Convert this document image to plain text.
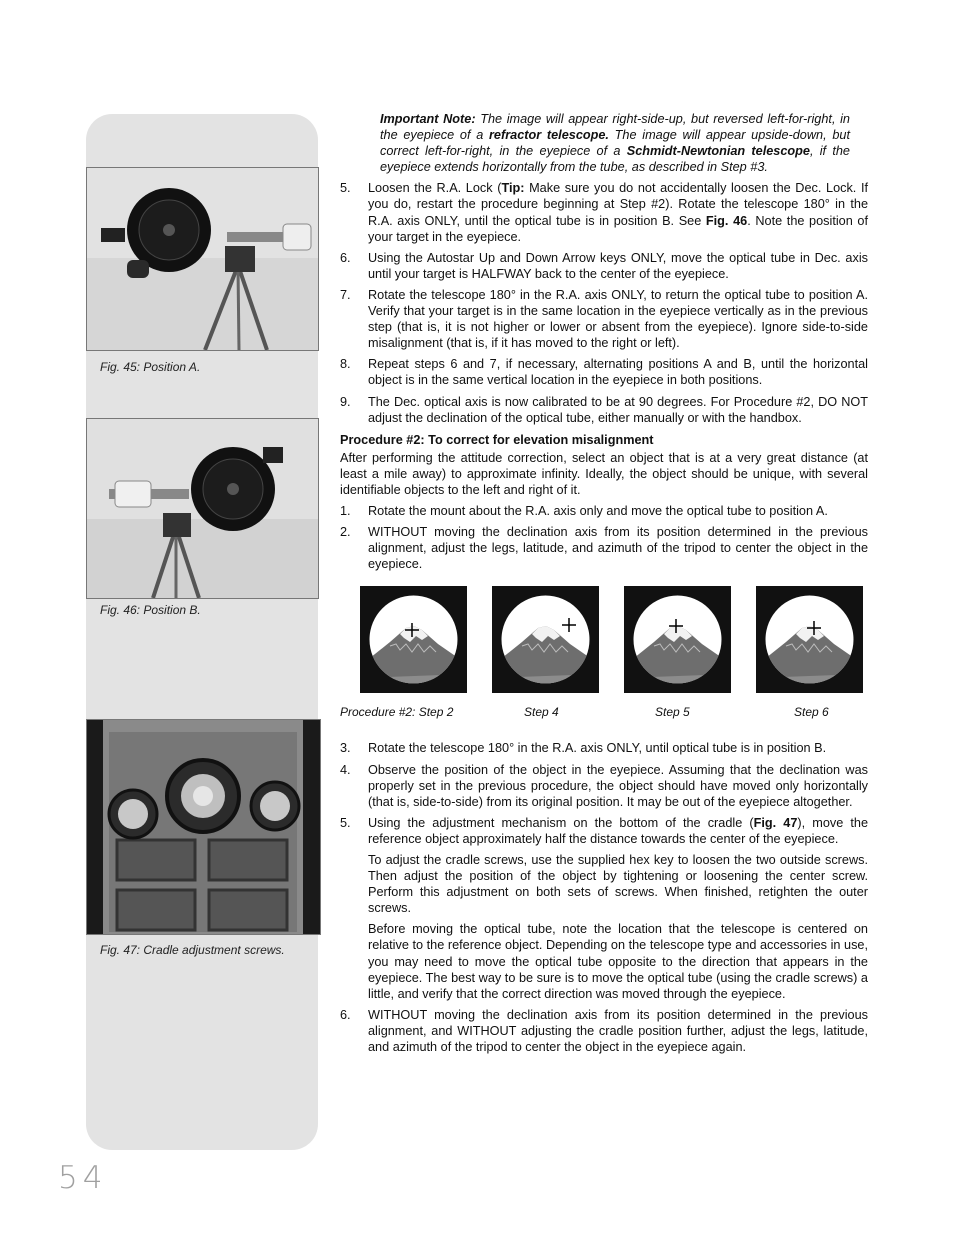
Fig. 45: Position A.
Fig. 46: Position B.
Fig. 47: Cradle adjustment screws.

Important Note: The image will appear right-side-up, but reversed left-for-right, in the eyepiece of a refractor telescope. The image will appear upside-down, but correct left-for-right, in the eyepiece of a Schmidt-Newtonian telescope, if the eyepiece extends horizontally from the tube, as described in Step #3.

5. Loosen the R.A. Lock (Tip: Make sure you do not accidentally loosen the Dec. Lock. If you do, restart the procedure beginning at Step #2). Rotate the telescope 180° in the R.A. axis ONLY, until the optical tube is in position B. See Fig. 46. Note the position of your target in the eyepiece.
6. Using the Autostar Up and Down Arrow keys ONLY, move the optical tube in Dec. axis until your target is HALFWAY back to the center of the eyepiece.
7. Rotate the telescope 180° in the R.A. axis ONLY, to return the optical tube to position A. Verify that your target is in the same location in the eyepiece vertically as in the previous step (that is, it is not higher or lower or absent from the eyepiece). Ignore side-to-side misalignment (that is, if it has moved to the right or left).
8. Repeat steps 6 and 7, if necessary, alternating positions A and B, until the horizontal object is in the same vertical location in the eyepiece in both positions.
9. The Dec. optical axis is now calibrated to be at 90 degrees. For Procedure #2, DO NOT adjust the declination of the optical tube, either manually or with the handbox.
Procedure #2: To correct for elevation misalignment

After performing the attitude correction, select an object that is at a very great distance (at least a mile away) to approximate infinity. Ideally, the object should be unique, with several identifiable objects to the left and right of it.

1. Rotate the mount about the R.A. axis only and move the optical tube to position A.
2. WITHOUT moving the declination axis from its position determined in the previous alignment, adjust the legs, latitude, and azimuth of the tripod to center the object in the eyepiece.
Procedure #2: Step 2	Step 4	Step 5	Step 6
3. Rotate the telescope 180° in the R.A. axis ONLY, until optical tube is in position B.
4. Observe the position of the object in the eyepiece. Assuming that the declination was properly set in the previous procedure, the object should have moved only horizontally (that is, side-to-side) from its original position. It may be out of the eyepiece altogether.
5. Using the adjustment mechanism on the bottom of the cradle (Fig. 47), move the reference object approximately half the distance towards the center of the eyepiece.

To adjust the cradle screws, use the supplied hex key to loosen the two outside screws. Then adjust the position of the object by tightening or loosening the center screw. Perform this adjustment on both sets of screws. When finished, retighten the outer screws.

Before moving the optical tube, note the location that the telescope is centered on relative to the reference object. Depending on the telescope type and accessories in use, you may need to move the optical tube opposite to the direction that appears in the eyepiece. The best way to be sure is to move the optical tube (using the cradle screws) a little, and verify that the correct direction was moved through the eyepiece.

6. WITHOUT moving the declination axis from its position determined in the previous alignment, and WITHOUT adjusting the cradle position further, adjust the legs, latitude, and azimuth of the tripod to center the object in the eyepiece again.
54
